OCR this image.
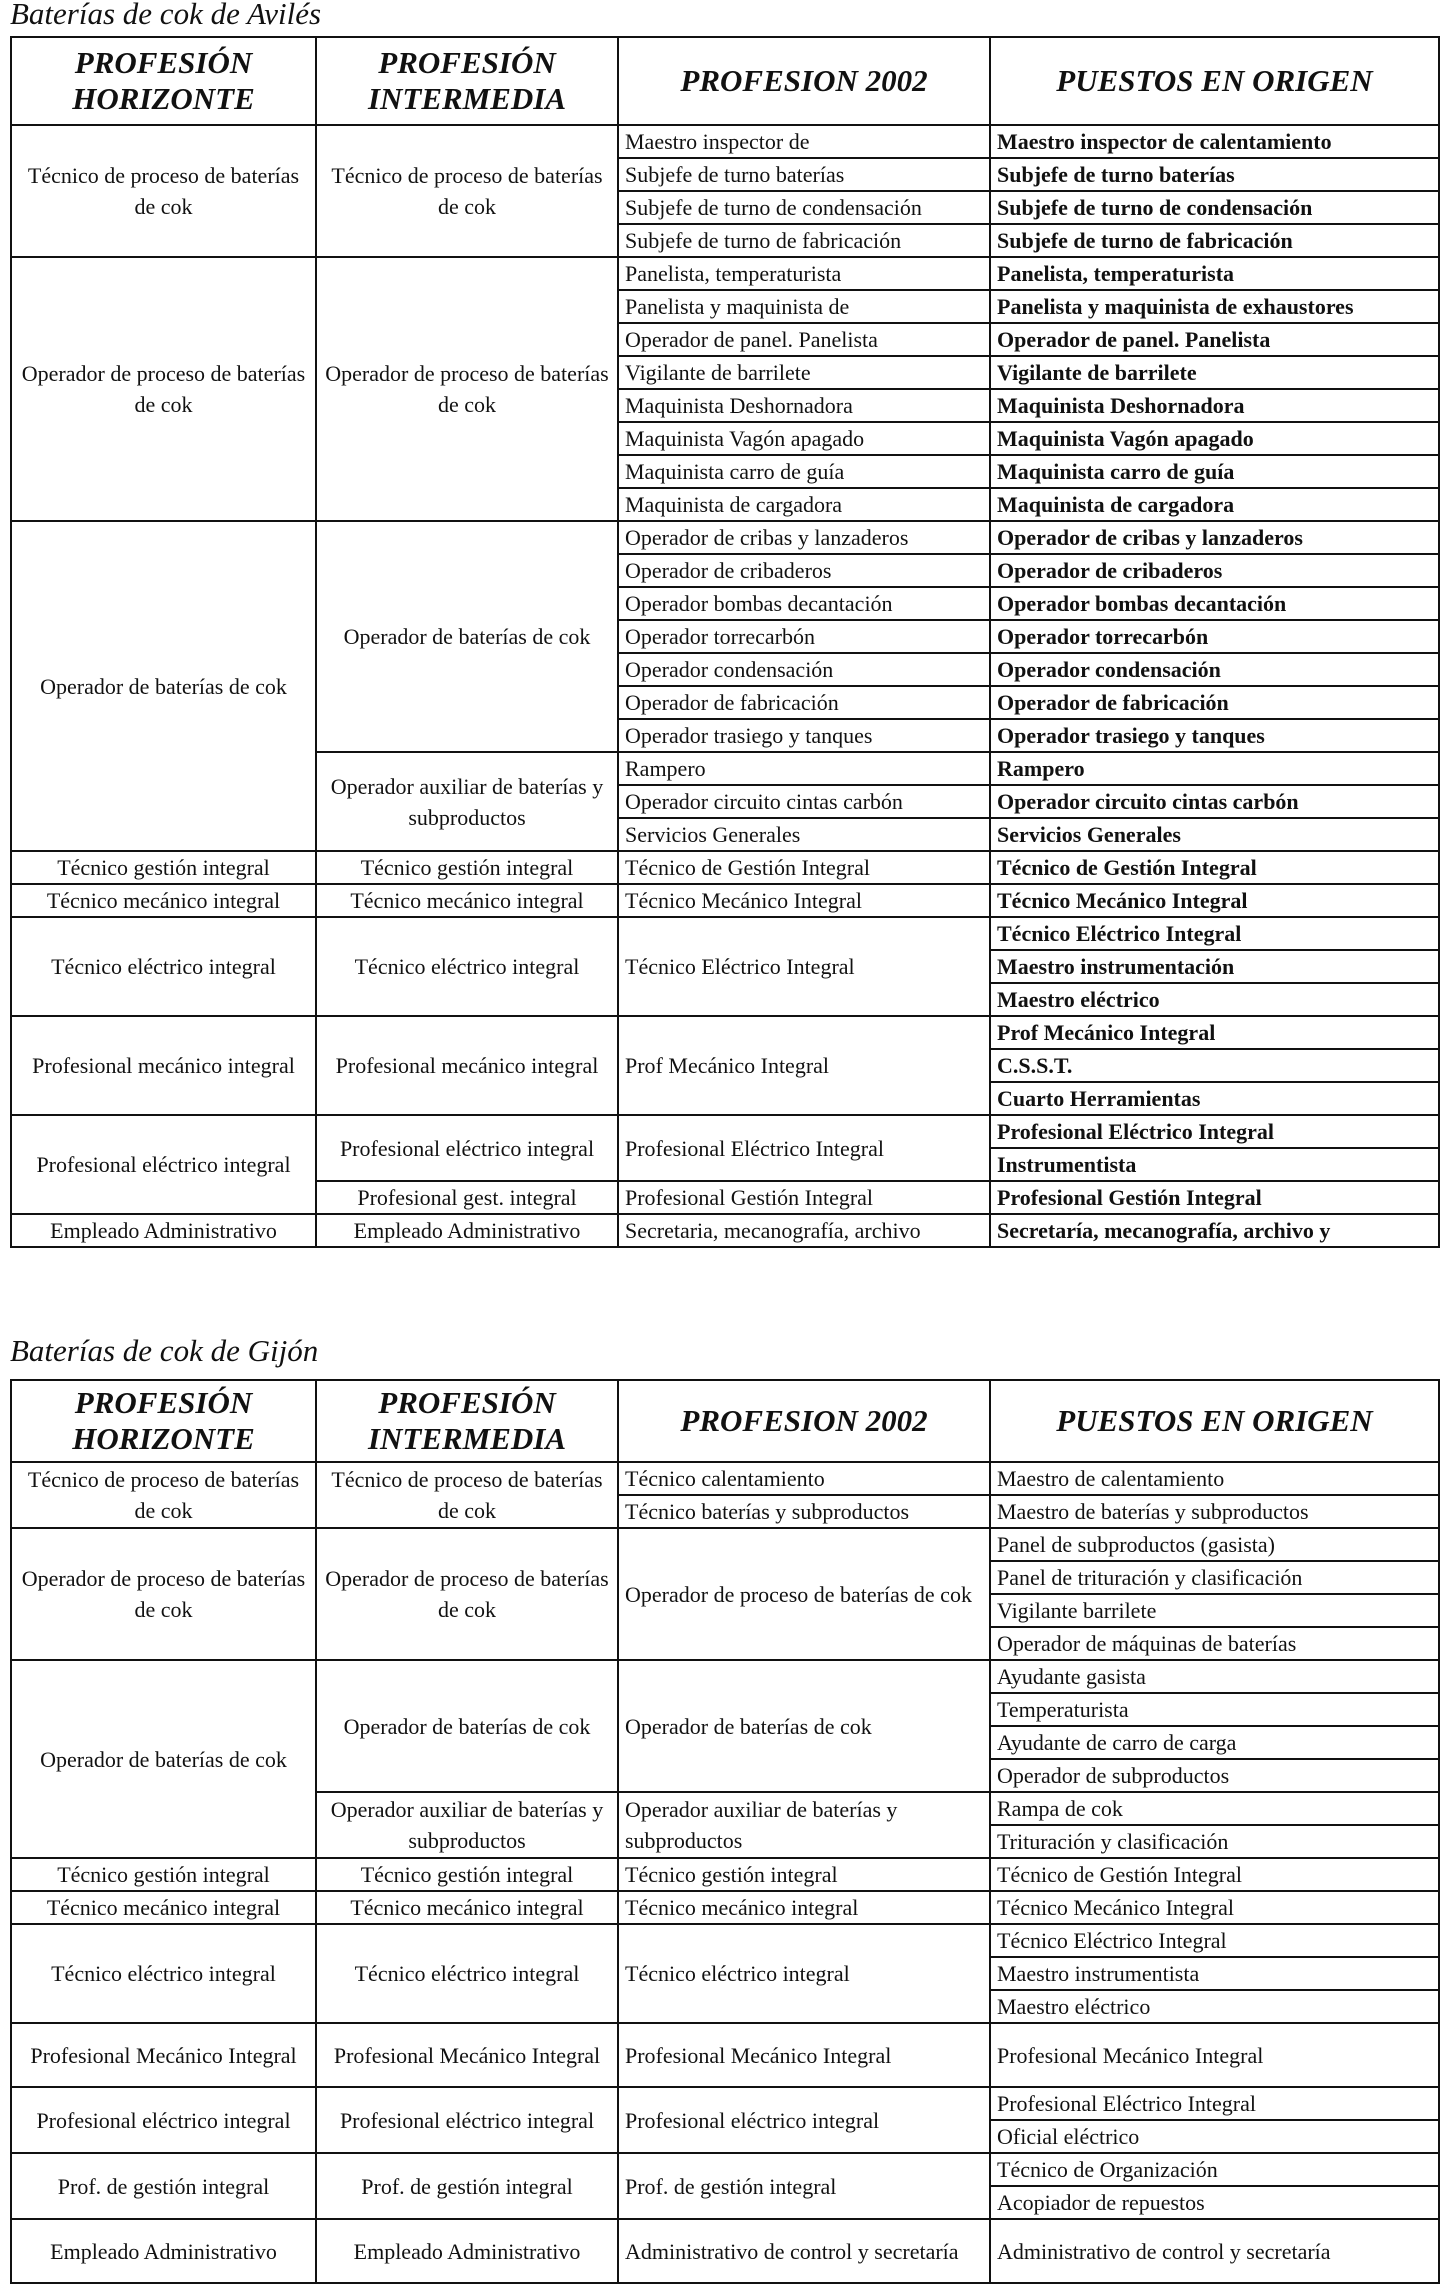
Baterías de cok de Avilés
PROFESIÓN HORIZONTE	PROFESIÓN INTERMEDIA	PROFESION 2002	PUESTOS EN ORIGEN
Técnico de proceso de baterías de cok	Técnico de proceso de baterías de cok	Maestro inspector de	Maestro inspector de calentamiento
		Subjefe de turno baterías	Subjefe de turno baterías
		Subjefe de turno de condensación	Subjefe de turno de condensación
		Subjefe de turno de fabricación	Subjefe de turno de fabricación
Operador de proceso de baterías de cok	Operador de proceso de baterías de cok	Panelista, temperaturista	Panelista, temperaturista
		Panelista y maquinista de	Panelista y maquinista de exhaustores
		Operador de panel. Panelista	Operador de panel. Panelista
		Vigilante de barrilete	Vigilante de barrilete
		Maquinista Deshornadora	Maquinista Deshornadora
		Maquinista Vagón apagado	Maquinista Vagón apagado
		Maquinista carro de guía	Maquinista carro de guía
		Maquinista de cargadora	Maquinista de cargadora
Operador de baterías de cok	Operador de baterías de cok	Operador de cribas y lanzaderos	Operador de cribas y lanzaderos
		Operador de cribaderos	Operador de cribaderos
		Operador bombas decantación	Operador bombas decantación
		Operador torrecarbón	Operador torrecarbón
		Operador condensación	Operador condensación
		Operador de fabricación	Operador de fabricación
		Operador trasiego y tanques	Operador trasiego y tanques
	Operador auxiliar de baterías y subproductos	Rampero	Rampero
		Operador circuito cintas carbón	Operador circuito cintas carbón
		Servicios Generales	Servicios Generales
Técnico gestión integral	Técnico gestión integral	Técnico de Gestión Integral	Técnico de Gestión Integral
Técnico mecánico integral	Técnico mecánico integral	Técnico Mecánico Integral	Técnico Mecánico Integral
Técnico eléctrico integral	Técnico eléctrico integral	Técnico Eléctrico Integral	Técnico Eléctrico Integral
			Maestro instrumentación
			Maestro eléctrico
Profesional mecánico integral	Profesional mecánico integral	Prof Mecánico Integral	Prof Mecánico Integral
			C.S.S.T.
			Cuarto Herramientas
Profesional eléctrico integral	Profesional eléctrico integral	Profesional Eléctrico Integral	Profesional Eléctrico Integral
			Instrumentista
	Profesional gest. integral	Profesional Gestión Integral	Profesional Gestión Integral
Empleado Administrativo	Empleado Administrativo	Secretaria, mecanografía, archivo	Secretaría, mecanografía, archivo y
Baterías de cok de Gijón
PROFESIÓN HORIZONTE	PROFESIÓN INTERMEDIA	PROFESION 2002	PUESTOS EN ORIGEN
Técnico de proceso de baterías de cok	Técnico de proceso de baterías de cok	Técnico calentamiento	Maestro de calentamiento
		Técnico baterías y subproductos	Maestro de baterías y subproductos
Operador de proceso de baterías de cok	Operador de proceso de baterías de cok	Operador de proceso de baterías de cok	Panel de subproductos (gasista)
			Panel de trituración y clasificación
			Vigilante barrilete
			Operador de máquinas de baterías
Operador de baterías de cok	Operador de baterías de cok	Operador de baterías de cok	Ayudante gasista
			Temperaturista
			Ayudante de carro de carga
			Operador de subproductos
	Operador auxiliar de baterías y subproductos	Operador auxiliar de baterías y subproductos	Rampa de cok
			Trituración y clasificación
Técnico gestión integral	Técnico gestión integral	Técnico gestión integral	Técnico de Gestión Integral
Técnico mecánico integral	Técnico mecánico integral	Técnico mecánico integral	Técnico Mecánico Integral
Técnico eléctrico integral	Técnico eléctrico integral	Técnico eléctrico integral	Técnico Eléctrico Integral
			Maestro instrumentista
			Maestro eléctrico
Profesional Mecánico Integral	Profesional Mecánico Integral	Profesional Mecánico Integral	Profesional Mecánico Integral

Profesional eléctrico integral	Profesional eléctrico integral	Profesional eléctrico integral	Profesional Eléctrico Integral
			Oficial eléctrico
Prof. de gestión integral	Prof. de gestión integral	Prof. de gestión integral	Técnico de Organización
			Acopiador de repuestos
Empleado Administrativo	Empleado Administrativo	Administrativo de control y secretaría	Administrativo de control y secretaría
